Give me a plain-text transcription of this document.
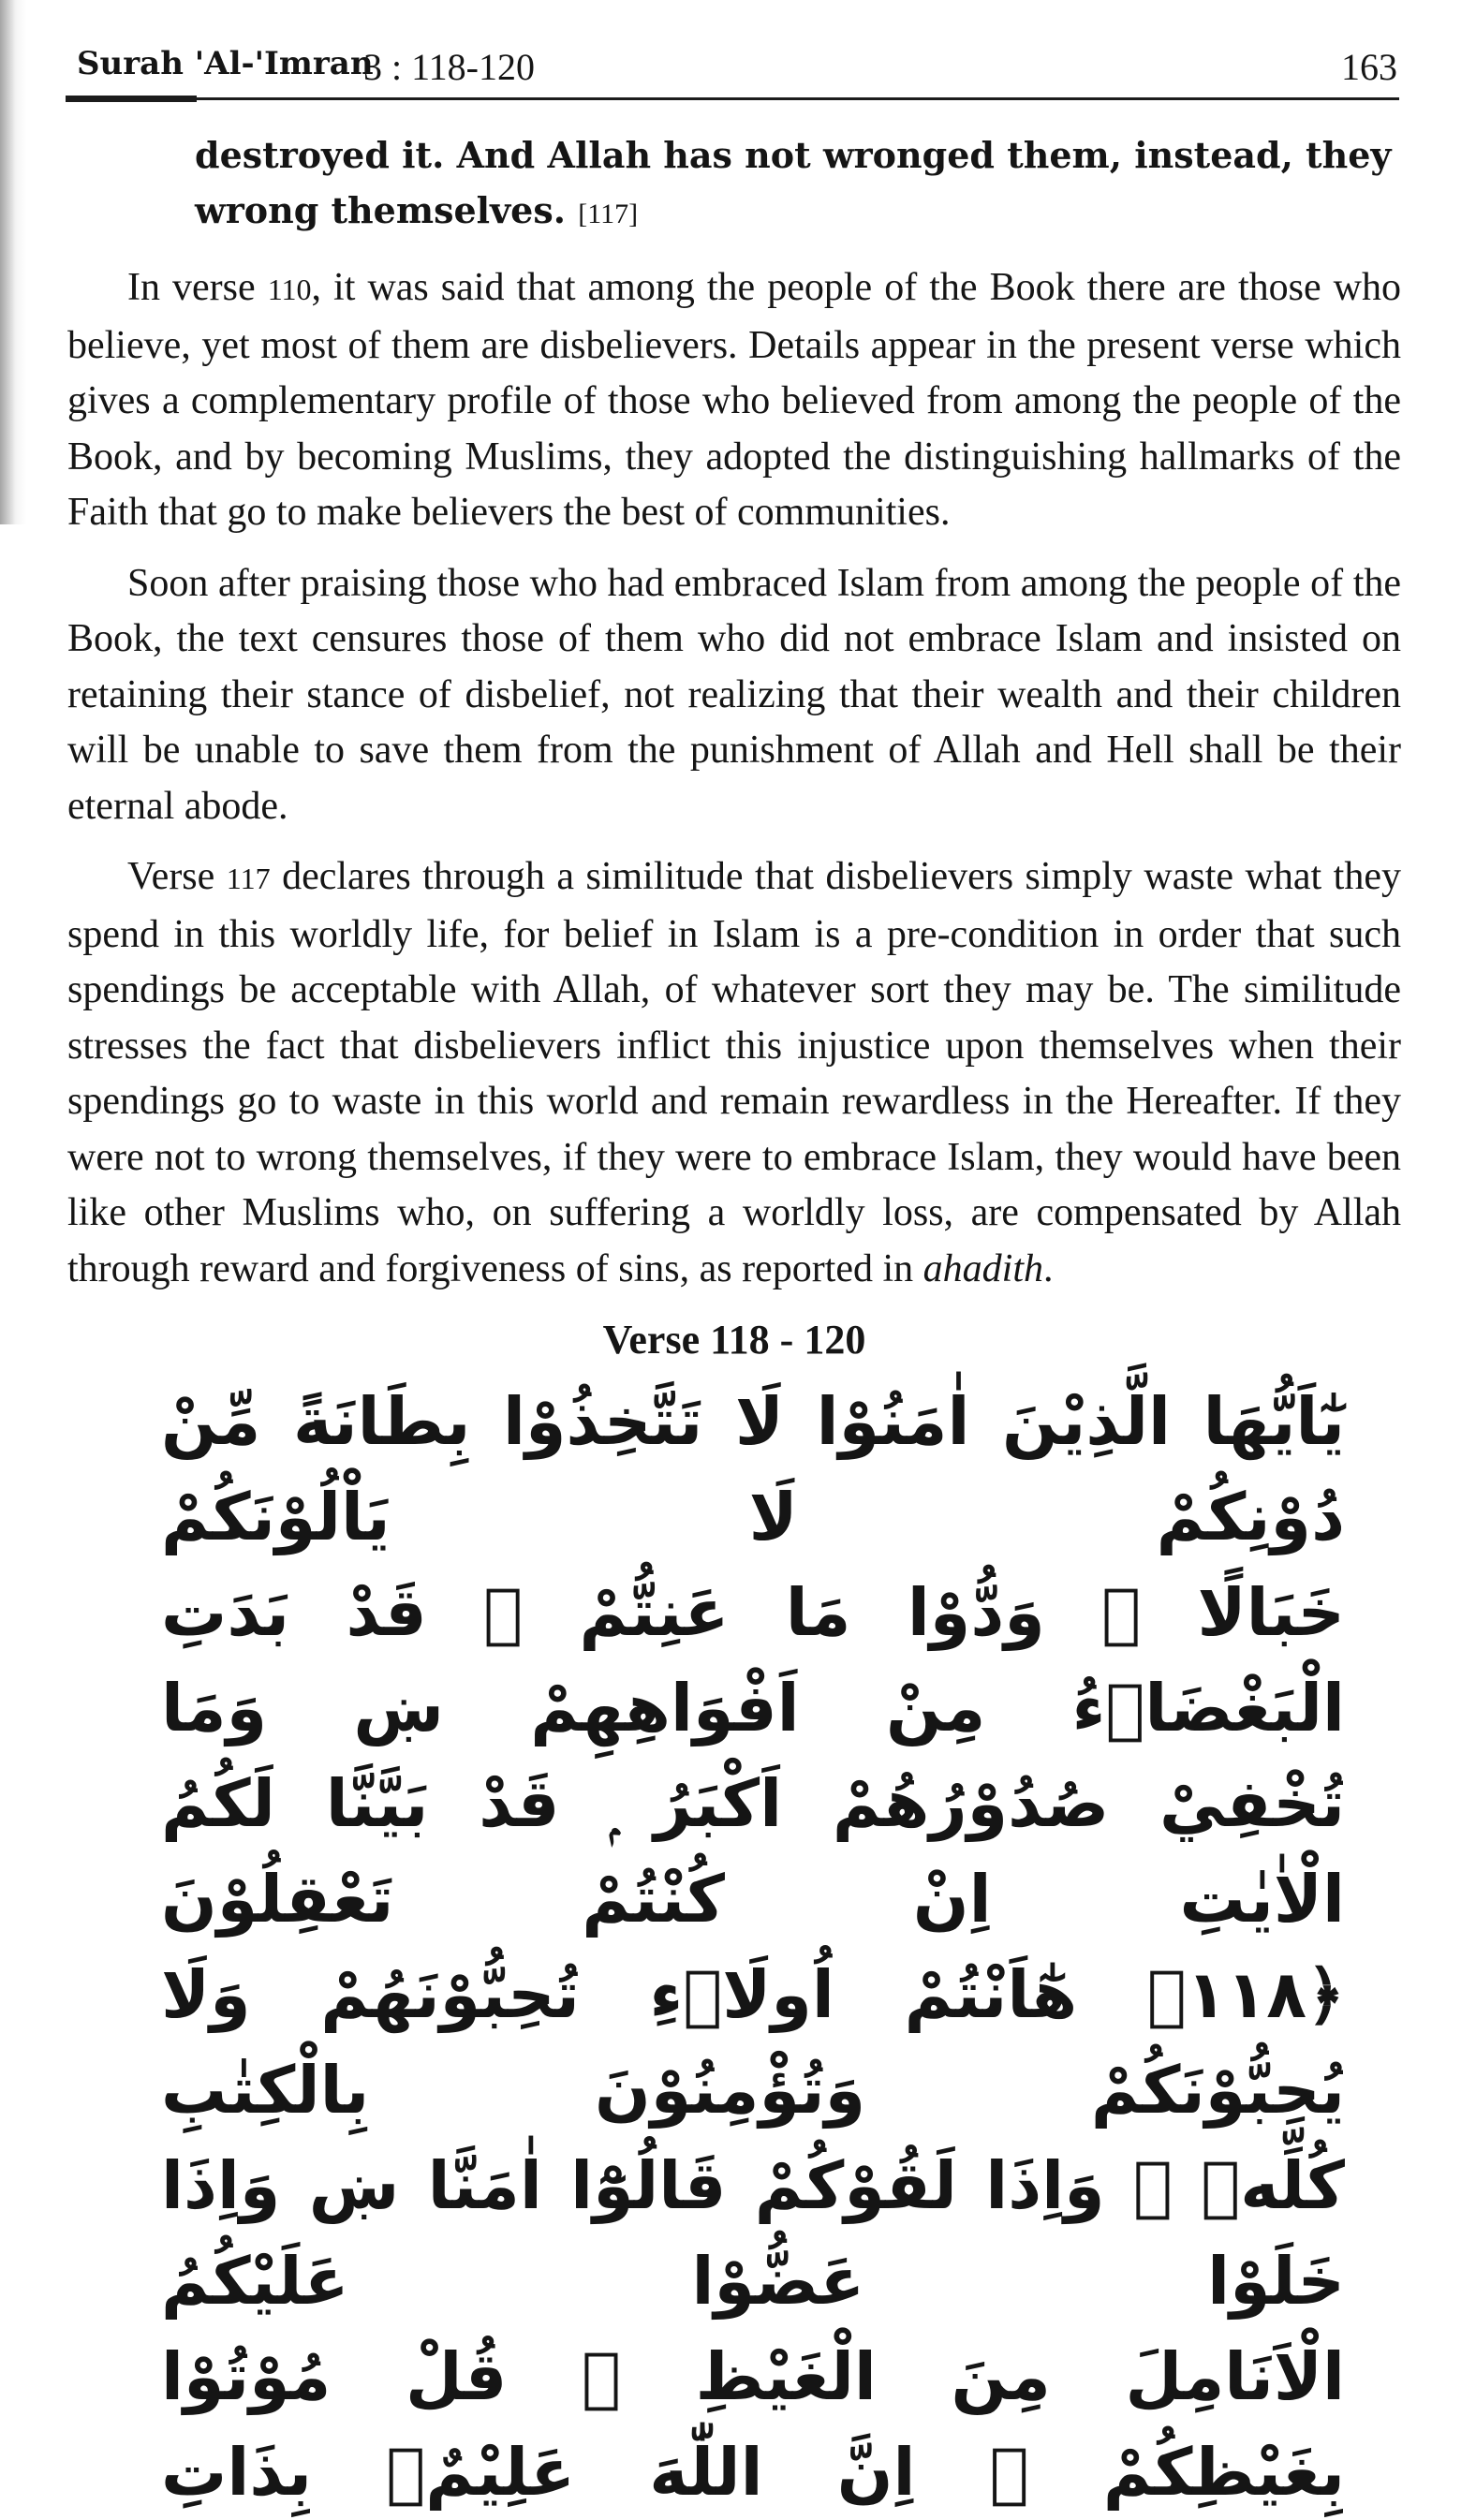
Surah 'Al-'Imran
3 : 118-120	163

destroyed it. And Allah has not wronged them, instead, they wrong themselves. [117]

In verse 110, it was said that among the people of the Book there are those who believe, yet most of them are disbelievers. Details appear in the present verse which gives a complementary profile of those who believed from among the people of the Book, and by becoming Muslims, they adopted the distinguishing hallmarks of the Faith that go to make believers the best of communities.

Soon after praising those who had embraced Islam from among the people of the Book, the text censures those of them who did not embrace Islam and insisted on retaining their stance of disbelief, not realizing that their wealth and their children will be unable to save them from the punishment of Allah and Hell shall be their eternal abode.

Verse 117 declares through a similitude that disbelievers simply waste what they spend in this worldly life, for belief in Islam is a pre-condition in order that such spendings be acceptable with Allah, of whatever sort they may be. The similitude stresses the fact that disbelievers inflict this injustice upon themselves when their spendings go to waste in this world and remain rewardless in the Hereafter. If they were not to wrong themselves, if they were to embrace Islam, they would have been like other Muslims who, on suffering a worldly loss, are compensated by Allah through reward and forgiveness of sins, as reported in ahadith.

Verse 118 - 120
يٰٓاَيُّهَا الَّذِيْنَ اٰمَنُوْا لَا تَتَّخِذُوْا بِطَانَةً مِّنْ دُوْنِكُمْ لَا يَاْلُوْنَكُمْ
خَبَالًا ۭ وَدُّوْا مَا عَنِتُّمْ ۚ قَدْ بَدَتِ الْبَغْضَاۗءُ مِنْ اَفْوَاهِهِمْ ښ وَمَا
تُخْفِيْ صُدُوْرُھُمْ اَكْبَرُ ۭ قَدْ بَيَّنَّا لَكُمُ الْاٰيٰتِ اِنْ كُنْتُمْ تَعْقِلُوْنَ
﴿١١٨﴾ ھٰٓاَنْتُمْ اُولَاۗءِ تُحِبُّوْنَھُمْ وَلَا يُحِبُّوْنَكُمْ وَتُؤْمِنُوْنَ بِالْكِتٰبِ
كُلِّهٖ ۚ وَاِذَا لَقُوْكُمْ قَالُوْٓا اٰمَنَّا ښ وَاِذَا خَلَوْا عَضُّوْا عَلَيْكُمُ
الْاَنَامِلَ مِنَ الْغَيْظِ ۭ قُلْ مُوْتُوْا بِغَيْظِكُمْ ۭ اِنَّ اللّٰهَ عَلِيْمٌۢ بِذَاتِ
